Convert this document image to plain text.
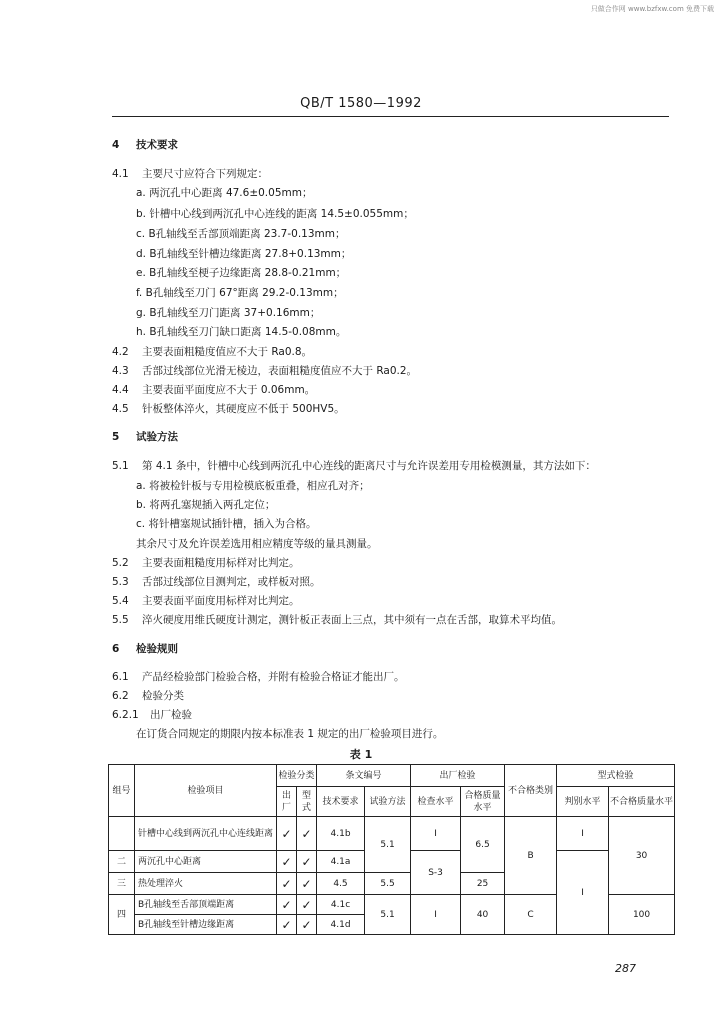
只做合作网 www.bzfxw.com 免费下载
QB/T 1580—1992
4 技术要求
4.1 主要尺寸应符合下列规定：
a. 两沉孔中心距离 47.6±0.05mm；
b. 针槽中心线到两沉孔中心连线的距离 14.5±0.055mm；
c. B孔轴线至舌部顶端距离 23.7-0.13mm；
d. B孔轴线至针槽边缘距离 27.8+0.13mm；
e. B孔轴线至梗子边缘距离 28.8-0.21mm；
f. B孔轴线至刀门 67°距离 29.2-0.13mm；
g. B孔轴线至刀门距离 37+0.16mm；
h. B孔轴线至刀门缺口距离 14.5-0.08mm。
4.2 主要表面粗糙度值应不大于 Ra0.8。
4.3 舌部过线部位光滑无棱边，表面粗糙度值应不大于 Ra0.2。
4.4 主要表面平面度应不大于 0.06mm。
4.5 针板整体淬火，其硬度应不低于 500HV5。
5 试验方法
5.1 第 4.1 条中，针槽中心线到两沉孔中心连线的距离尺寸与允许误差用专用检模测量，其方法如下：
a. 将被检针板与专用检模底板重叠，相应孔对齐；
b. 将两孔塞规插入两孔定位；
c. 将针槽塞规试插针槽，插入为合格。
其余尺寸及允许误差选用相应精度等级的量具测量。
5.2 主要表面粗糙度用标样对比判定。
5.3 舌部过线部位目测判定，或样板对照。
5.4 主要表面平面度用标样对比判定。
5.5 淬火硬度用维氏硬度计测定，测针板正表面上三点，其中须有一点在舌部，取算术平均值。
6 检验规则
6.1 产品经检验部门检验合格，并附有检验合格证才能出厂。
6.2 检验分类
6.2.1 出厂检验
在订货合同规定的期限内按本标准表 1 规定的出厂检验项目进行。
表 1
组号	检验项目	检验分类		条文编号		出厂检验		不合格类别	型式检验	
		出厂	型式	技术要求	试验方法	检查水平	合格质量水平		判别水平	不合格质量水平
	针槽中心线到两沉孔中心连线距离	✓	✓	4.1b	5.1	I	6.5	B	I	30
二	两沉孔中心距离	✓	✓	4.1a		S-3			I	
三	热处理淬火	✓	✓	4.5	5.5		25			
四	B孔轴线至舌部顶端距离	✓	✓	4.1c	5.1	I	40	C		100
	B孔轴线至针槽边缘距离	✓	✓	4.1d						
287
